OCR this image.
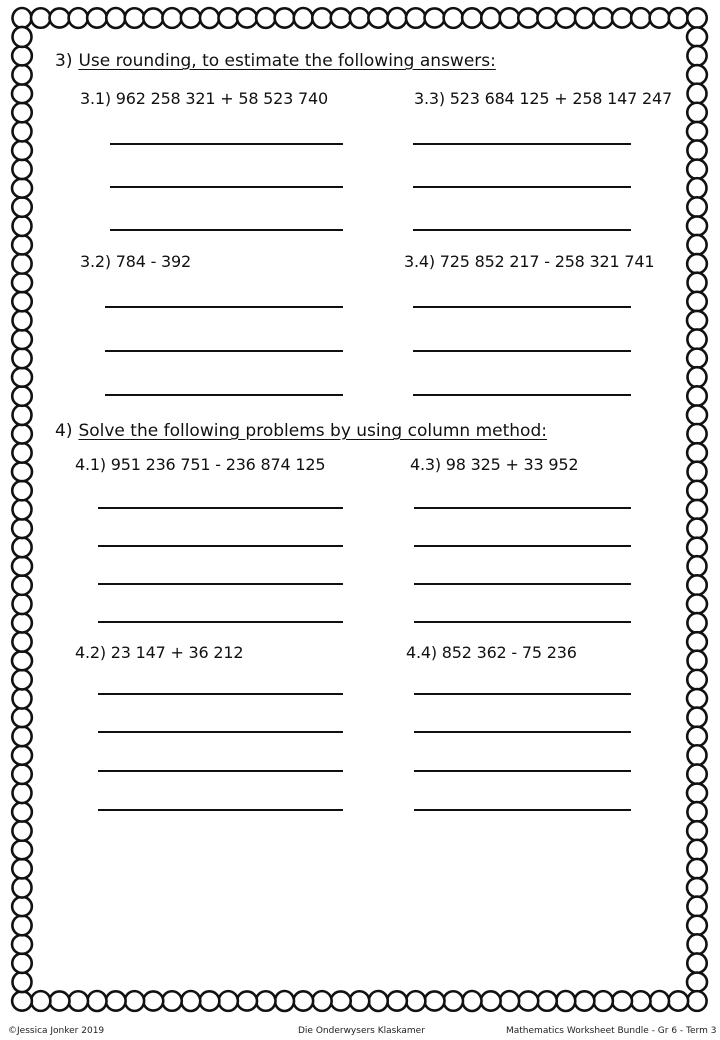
3) Use rounding, to estimate the following answers:
3.1) 962 258 321 + 58 523 740	3.3) 523 684 125 + 258 147 247
3.2) 784 - 392	3.4) 725 852 217 - 258 321 741
4) Solve the following problems by using column method:
4.1) 951 236 751 - 236 874 125	4.3) 98 325 + 33 952
4.2) 23 147 + 36 212	4.4) 852 362 - 75 236
©Jessica Jonker 2019	Die Onderwysers Klaskamer	Mathematics Worksheet Bundle - Gr 6 - Term 3
